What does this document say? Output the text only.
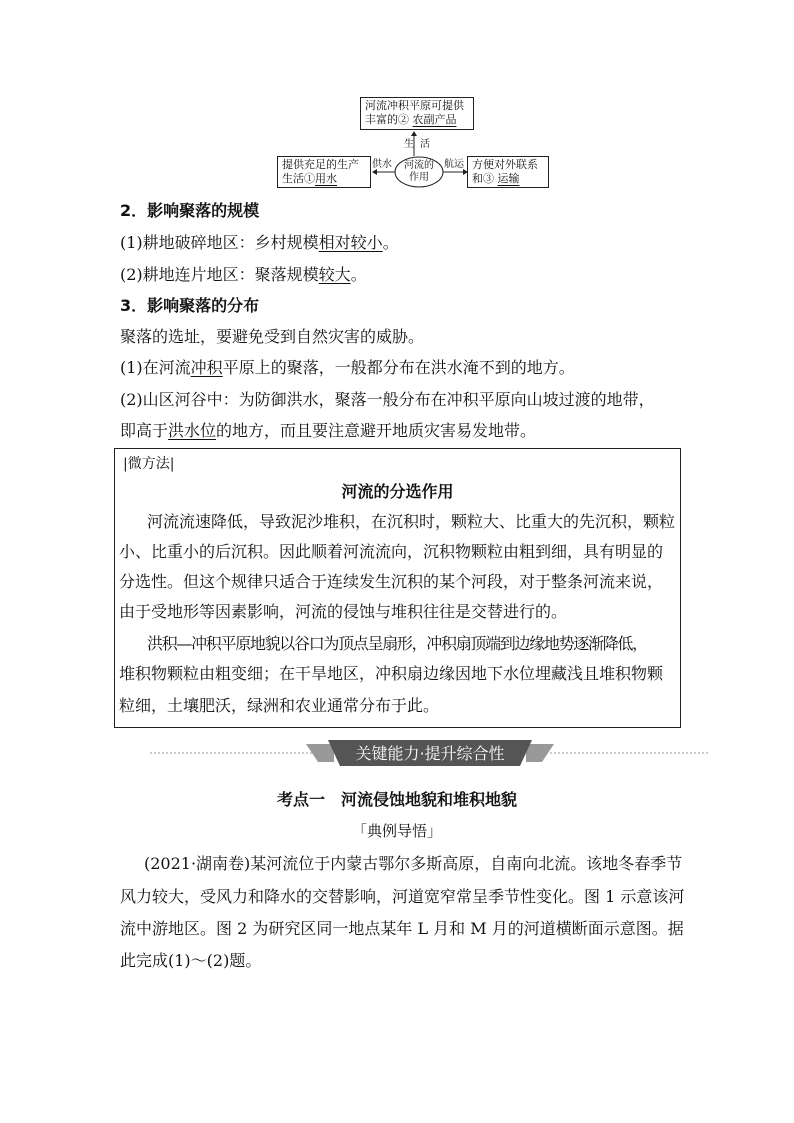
河流冲积平原可提供
丰富的② 农副产品
生 活
河流的
作用
供水	航运
提供充足的生产
生活①用水
方便对外联系
和③ 运输
2．影响聚落的规模
(1)耕地破碎地区：乡村规模相对较小。
(2)耕地连片地区：聚落规模较大。
3．影响聚落的分布
聚落的选址，要避免受到自然灾害的威胁。
(1)在河流冲积平原上的聚落，一般都分布在洪水淹不到的地方。
(2)山区河谷中：为防御洪水，聚落一般分布在冲积平原向山坡过渡的地带，
即高于洪水位的地方，而且要注意避开地质灾害易发地带。
|微方法|
河流的分选作用
河流流速降低，导致泥沙堆积，在沉积时，颗粒大、比重大的先沉积，颗粒
小、比重小的后沉积。因此顺着河流流向，沉积物颗粒由粗到细，具有明显的
分选性。但这个规律只适合于连续发生沉积的某个河段，对于整条河流来说，
由于受地形等因素影响，河流的侵蚀与堆积往往是交替进行的。
洪积—冲积平原地貌以谷口为顶点呈扇形，冲积扇顶端到边缘地势逐渐降低，
堆积物颗粒由粗变细；在干旱地区，冲积扇边缘因地下水位埋藏浅且堆积物颗
粒细，土壤肥沃，绿洲和农业通常分布于此。
关键能力·提升综合性
考点一　河流侵蚀地貌和堆积地貌
「典例导悟」
(2021·湖南卷)某河流位于内蒙古鄂尔多斯高原，自南向北流。该地冬春季节
风力较大，受风力和降水的交替影响，河道宽窄常呈季节性变化。图 1 示意该河
流中游地区。图 2 为研究区同一地点某年 L 月和 M 月的河道横断面示意图。据
此完成(1)～(2)题。
